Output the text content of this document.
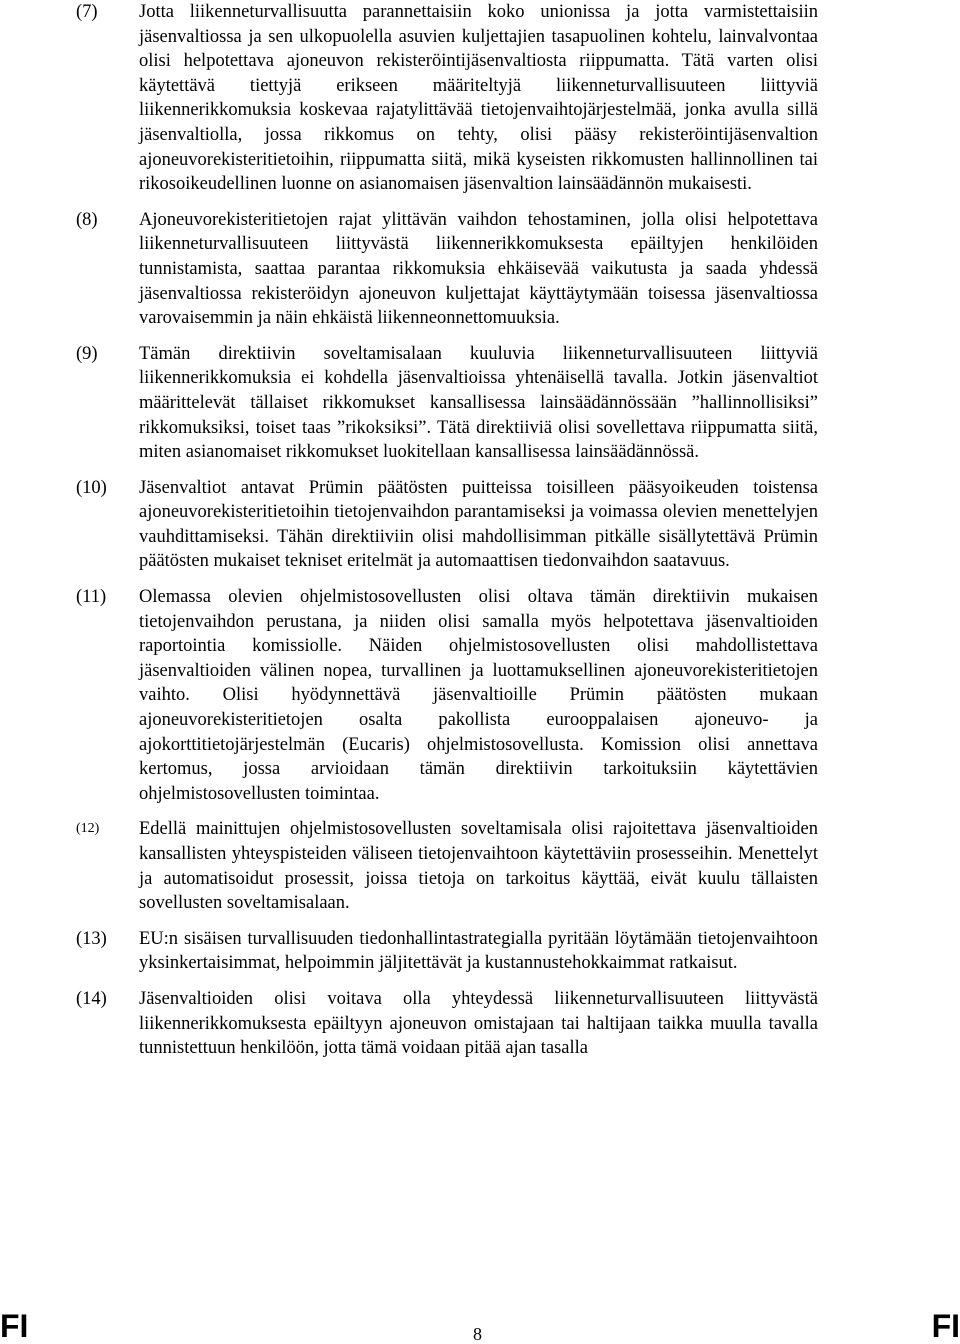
(7)	Jotta liikenneturvallisuutta parannettaisiin koko unionissa ja jotta varmistettaisiin jäsenvaltiossa ja sen ulkopuolella asuvien kuljettajien tasapuolinen kohtelu, lainvalvontaa olisi helpotettava ajoneuvon rekisteröintijäsenvaltiosta riippumatta. Tätä varten olisi käytettävä tiettyjä erikseen määriteltyjä liikenneturvallisuuteen liittyviä liikennerikkomuksia koskevaa rajatylittävää tietojenvaihtojärjestelmää, jonka avulla sillä jäsenvaltiolla, jossa rikkomus on tehty, olisi pääsy rekisteröintijäsenvaltion ajoneuvorekisteritietoihin, riippumatta siitä, mikä kyseisten rikkomusten hallinnollinen tai rikosoikeudellinen luonne on asianomaisen jäsenvaltion lainsäädännön mukaisesti.
(8)	Ajoneuvorekisteritietojen rajat ylittävän vaihdon tehostaminen, jolla olisi helpotettava liikenneturvallisuuteen liittyvästä liikennerikkomuksesta epäiltyjen henkilöiden tunnistamista, saattaa parantaa rikkomuksia ehkäisevää vaikutusta ja saada yhdessä jäsenvaltiossa rekisteröidyn ajoneuvon kuljettajat käyttäytymään toisessa jäsenvaltiossa varovaisemmin ja näin ehkäistä liikenneonnettomuuksia.
(9)	Tämän direktiivin soveltamisalaan kuuluvia liikenneturvallisuuteen liittyviä liikennerikkomuksia ei kohdella jäsenvaltioissa yhtenäisellä tavalla. Jotkin jäsenvaltiot määrittelevät tällaiset rikkomukset kansallisessa lainsäädännössään ”hallinnollisiksi” rikkomuksiksi, toiset taas ”rikoksiksi”. Tätä direktiiviä olisi sovellettava riippumatta siitä, miten asianomaiset rikkomukset luokitellaan kansallisessa lainsäädännössä.
(10)	Jäsenvaltiot antavat Prümin päätösten puitteissa toisilleen pääsyoikeuden toistensa ajoneuvorekisteritietoihin tietojenvaihdon parantamiseksi ja voimassa olevien menettelyjen vauhdittamiseksi. Tähän direktiiviin olisi mahdollisimman pitkälle sisällytettävä Prümin päätösten mukaiset tekniset eritelmät ja automaattisen tiedonvaihdon saatavuus.
(11)	Olemassa olevien ohjelmistosovellusten olisi oltava tämän direktiivin mukaisen tietojenvaihdon perustana, ja niiden olisi samalla myös helpotettava jäsenvaltioiden raportointia komissiolle. Näiden ohjelmistosovellusten olisi mahdollistettava jäsenvaltioiden välinen nopea, turvallinen ja luottamuksellinen ajoneuvorekisteritietojen vaihto. Olisi hyödynnettävä jäsenvaltioille Prümin päätösten mukaan ajoneuvorekisteritietojen osalta pakollista eurooppalaisen ajoneuvo- ja ajokorttitietojärjestelmän (Eucaris) ohjelmistosovellusta. Komission olisi annettava kertomus, jossa arvioidaan tämän direktiivin tarkoituksiin käytettävien ohjelmistosovellusten toimintaa.
(12)	Edellä mainittujen ohjelmistosovellusten soveltamisala olisi rajoitettava jäsenvaltioiden kansallisten yhteyspisteiden väliseen tietojenvaihtoon käytettäviin prosesseihin. Menettelyt ja automatisoidut prosessit, joissa tietoja on tarkoitus käyttää, eivät kuulu tällaisten sovellusten soveltamisalaan.
(13)	EU:n sisäisen turvallisuuden tiedonhallintastrategialla pyritään löytämään tietojenvaihtoon yksinkertaisimmat, helpoimmin jäljitettävät ja kustannustehokkaimmat ratkaisut.
(14)	Jäsenvaltioiden olisi voitava olla yhteydessä liikenneturvallisuuteen liittyvästä liikennerikkomuksesta epäiltyyn ajoneuvon omistajaan tai haltijaan taikka muulla tavalla tunnistettuun henkilöön, jotta tämä voidaan pitää ajan tasalla
FI	8	FI
